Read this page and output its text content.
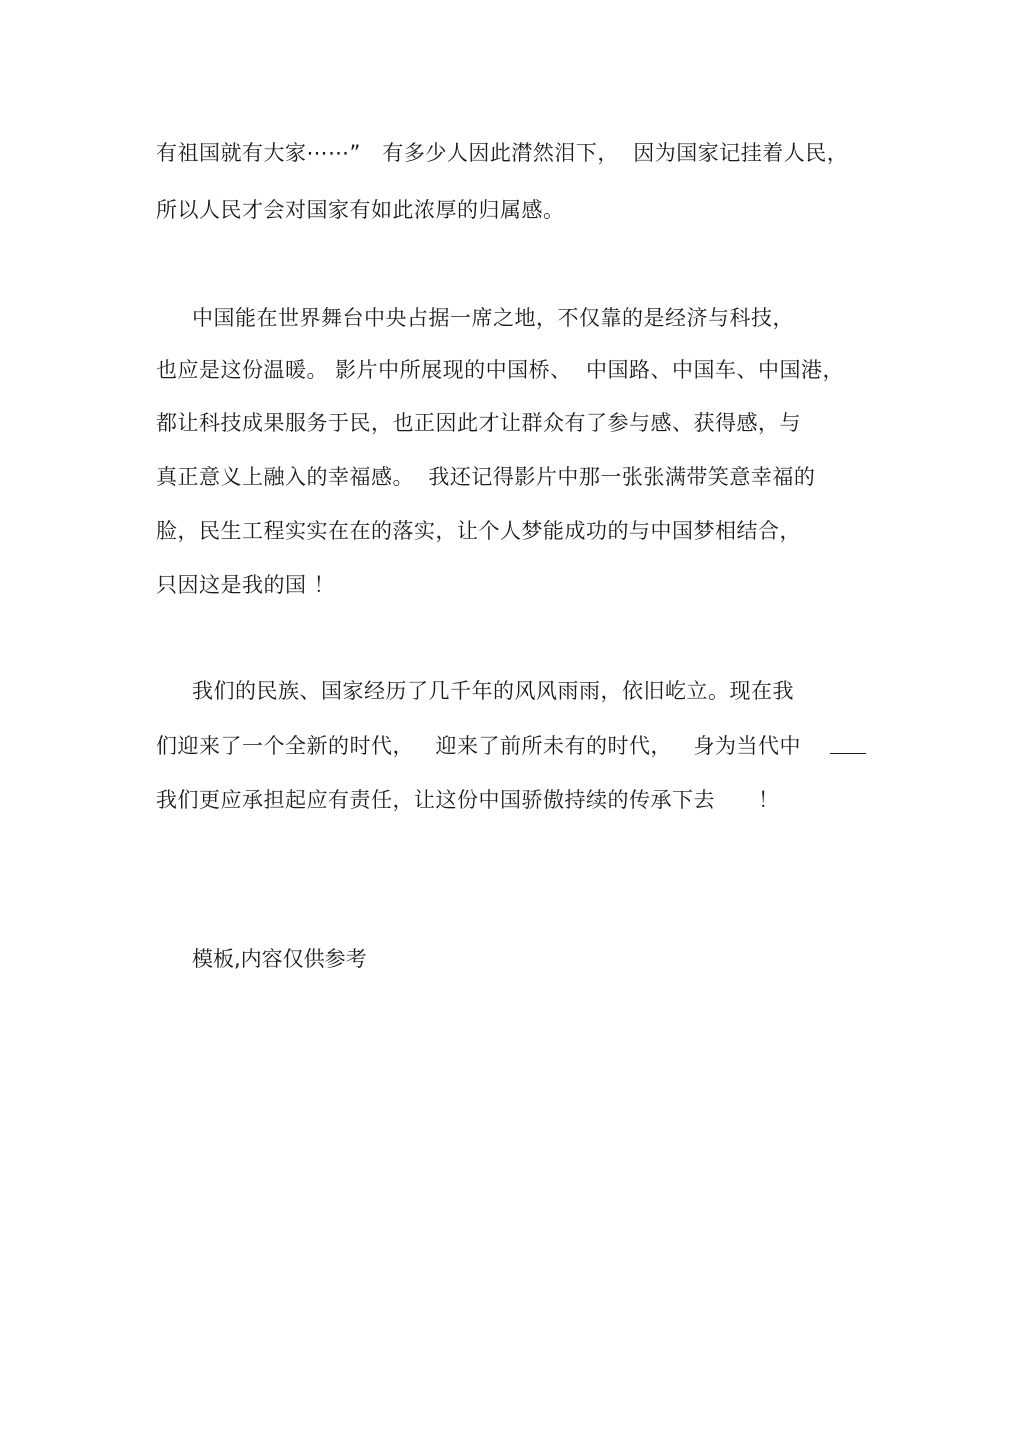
有祖国就有大家⋯⋯”   有多少人因此潸然泪下，  因为国家记挂着人民，
所以人民才会对国家有如此浓厚的归属感。
中国能在世界舞台中央占据一席之地，不仅靠的是经济与科技，
也应是这份温暖。 影片中所展现的中国桥、  中国路、中国车、中国港，
都让科技成果服务于民，也正因此才让群众有了参与感、获得感，与
真正意义上融入的幸福感。  我还记得影片中那一张张满带笑意幸福的
脸，民生工程实实在在的落实，让个人梦能成功的与中国梦相结合，
只因这是我的国 ！
我们的民族、国家经历了几千年的风风雨雨，依旧屹立。现在我
们迎来了一个全新的时代，   迎来了前所未有的时代，   身为当代中
我们更应承担起应有责任，让这份中国骄傲持续的传承下去      ！
模板,内容仅供参考
